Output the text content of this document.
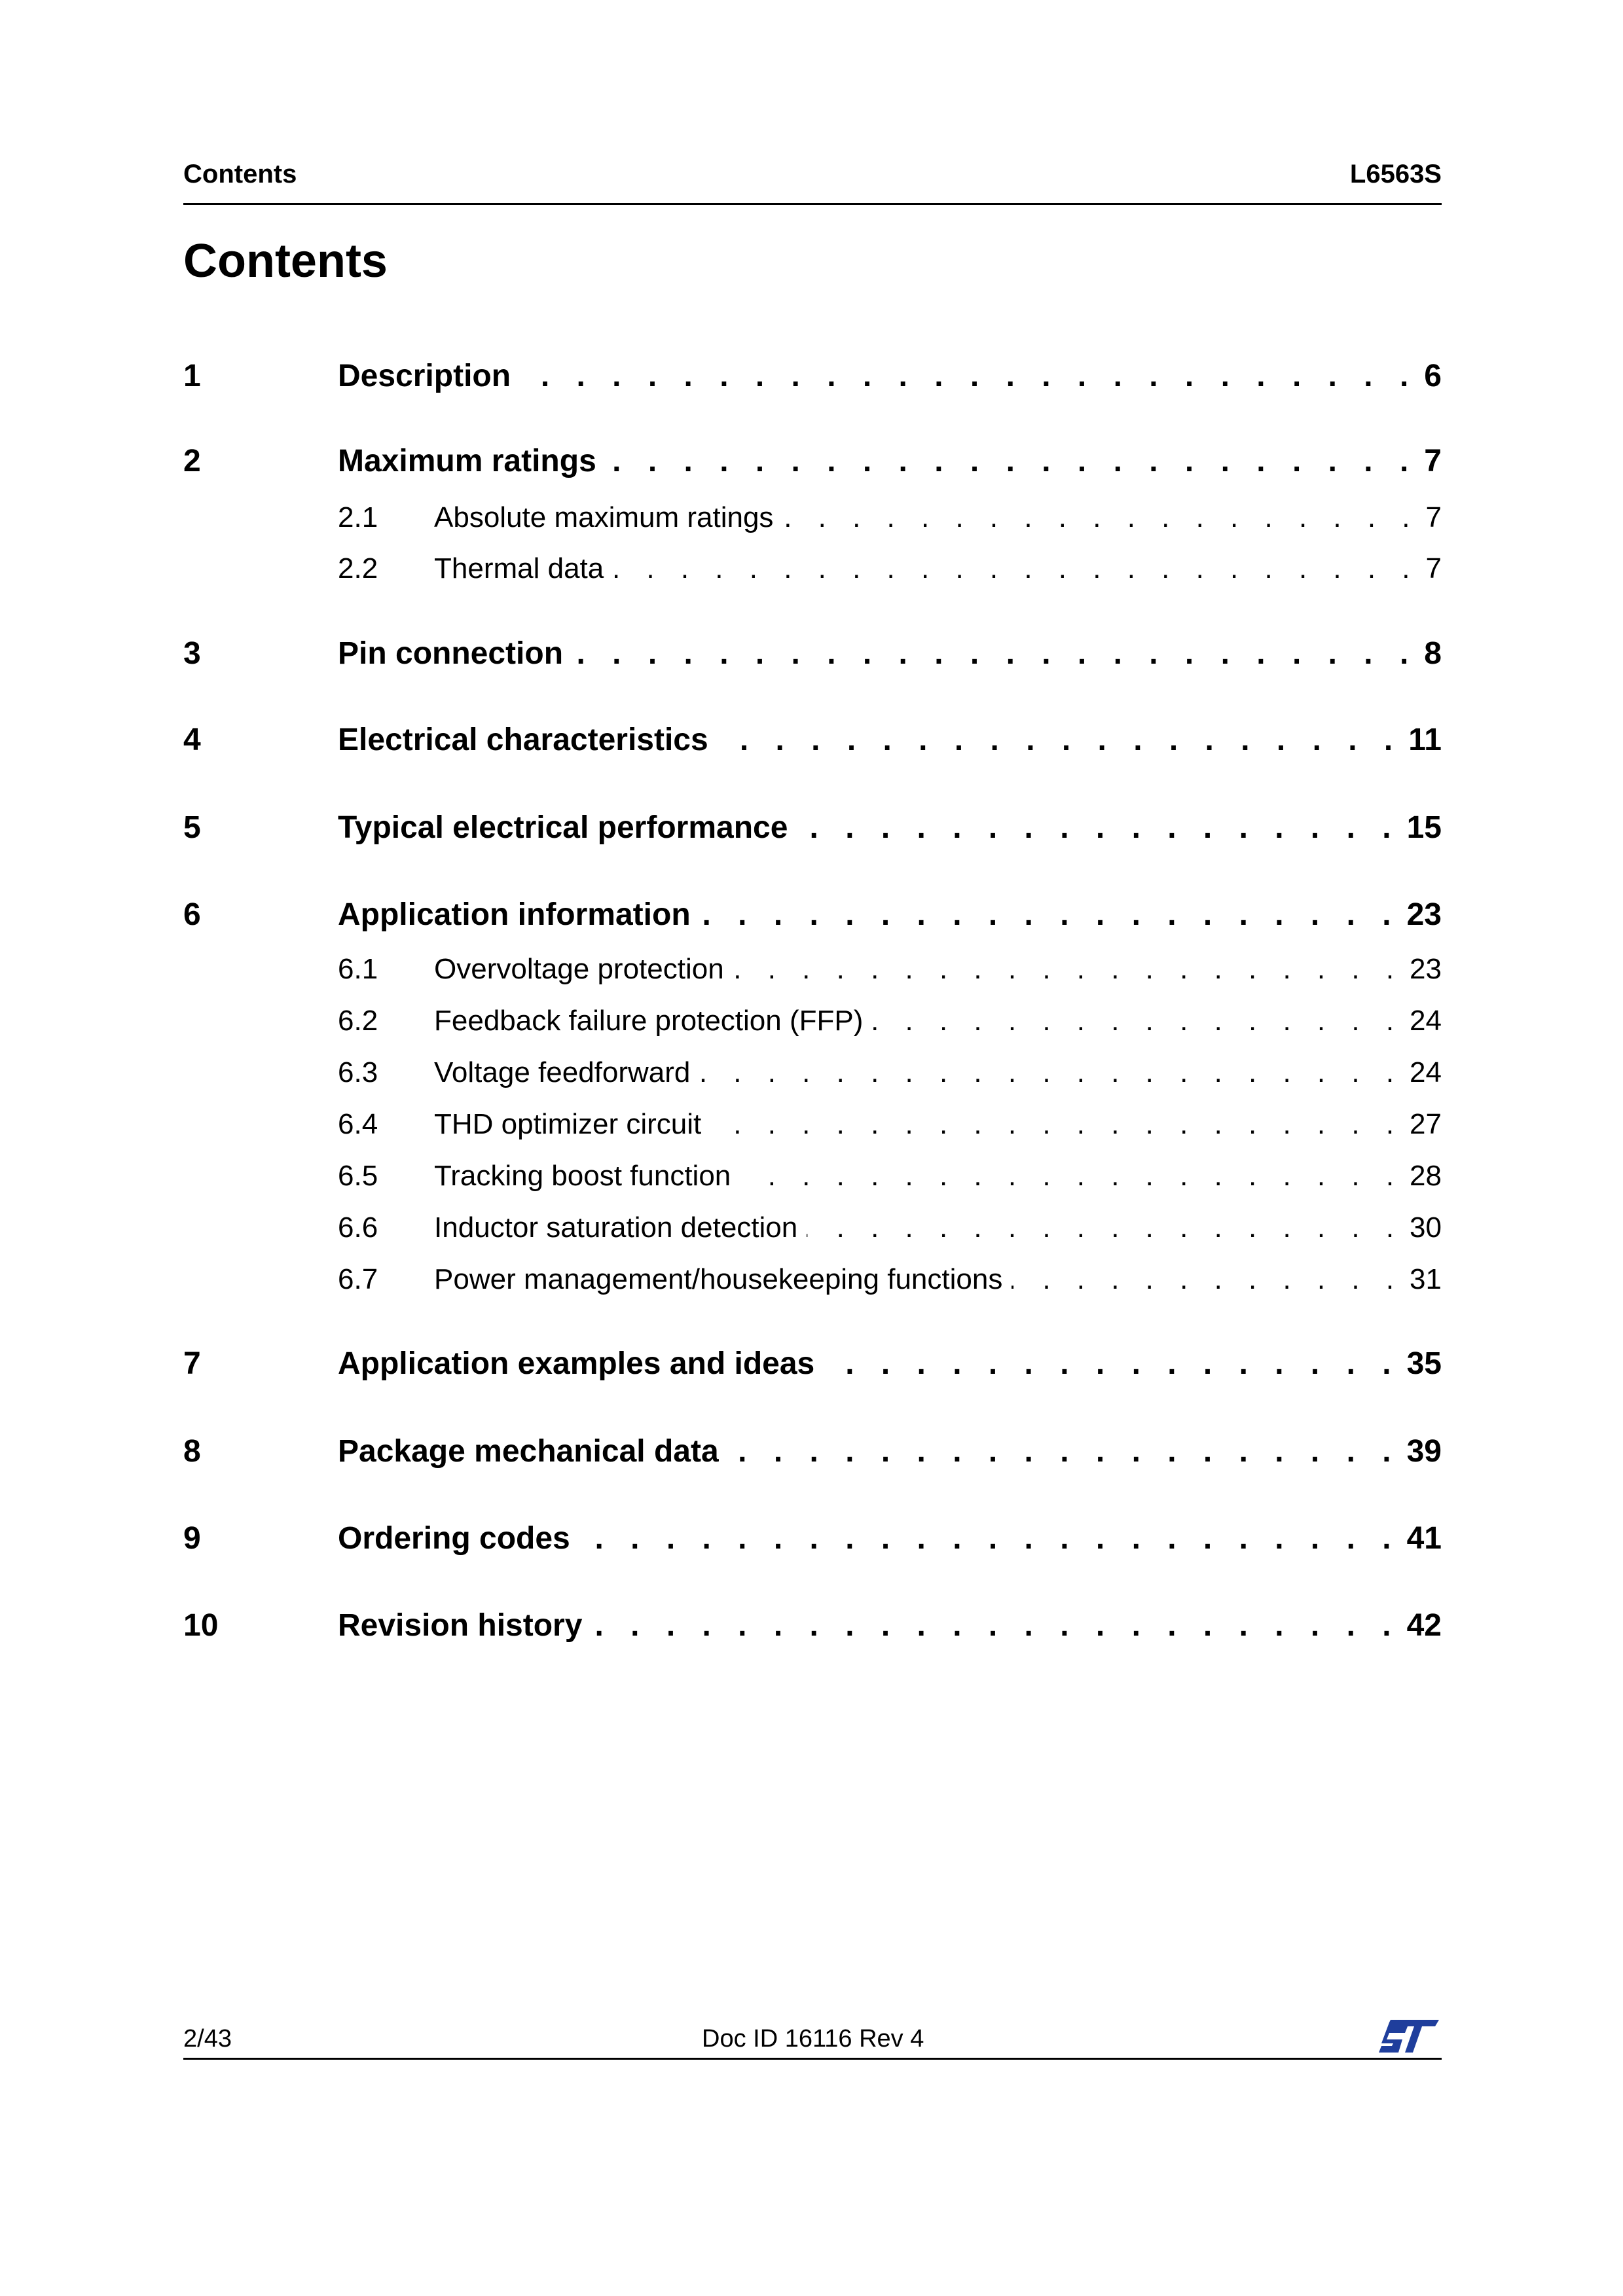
Contents	L6563S
Contents
1	Description . . .	6
2	Maximum ratings . . .	7
2.1 Absolute maximum ratings . . .	7
2.2 Thermal data . . .	7
3	Pin connection . . .	8
4	Electrical characteristics . . .	11
5	Typical electrical performance . . .	15
6	Application information . . .	23
6.1 Overvoltage protection . . .	23
6.2 Feedback failure protection (FFP) . . .	24
6.3 Voltage feedforward . . .	24
6.4 THD optimizer circuit . . .	27
6.5 Tracking boost function . . .	28
6.6 Inductor saturation detection . . .	30
6.7 Power management/housekeeping functions . . .	31
7	Application examples and ideas . . .	35
8	Package mechanical data . . .	39
9	Ordering codes . . .	41
10	Revision history . . .	42
2/43	Doc ID 16116 Rev 4
